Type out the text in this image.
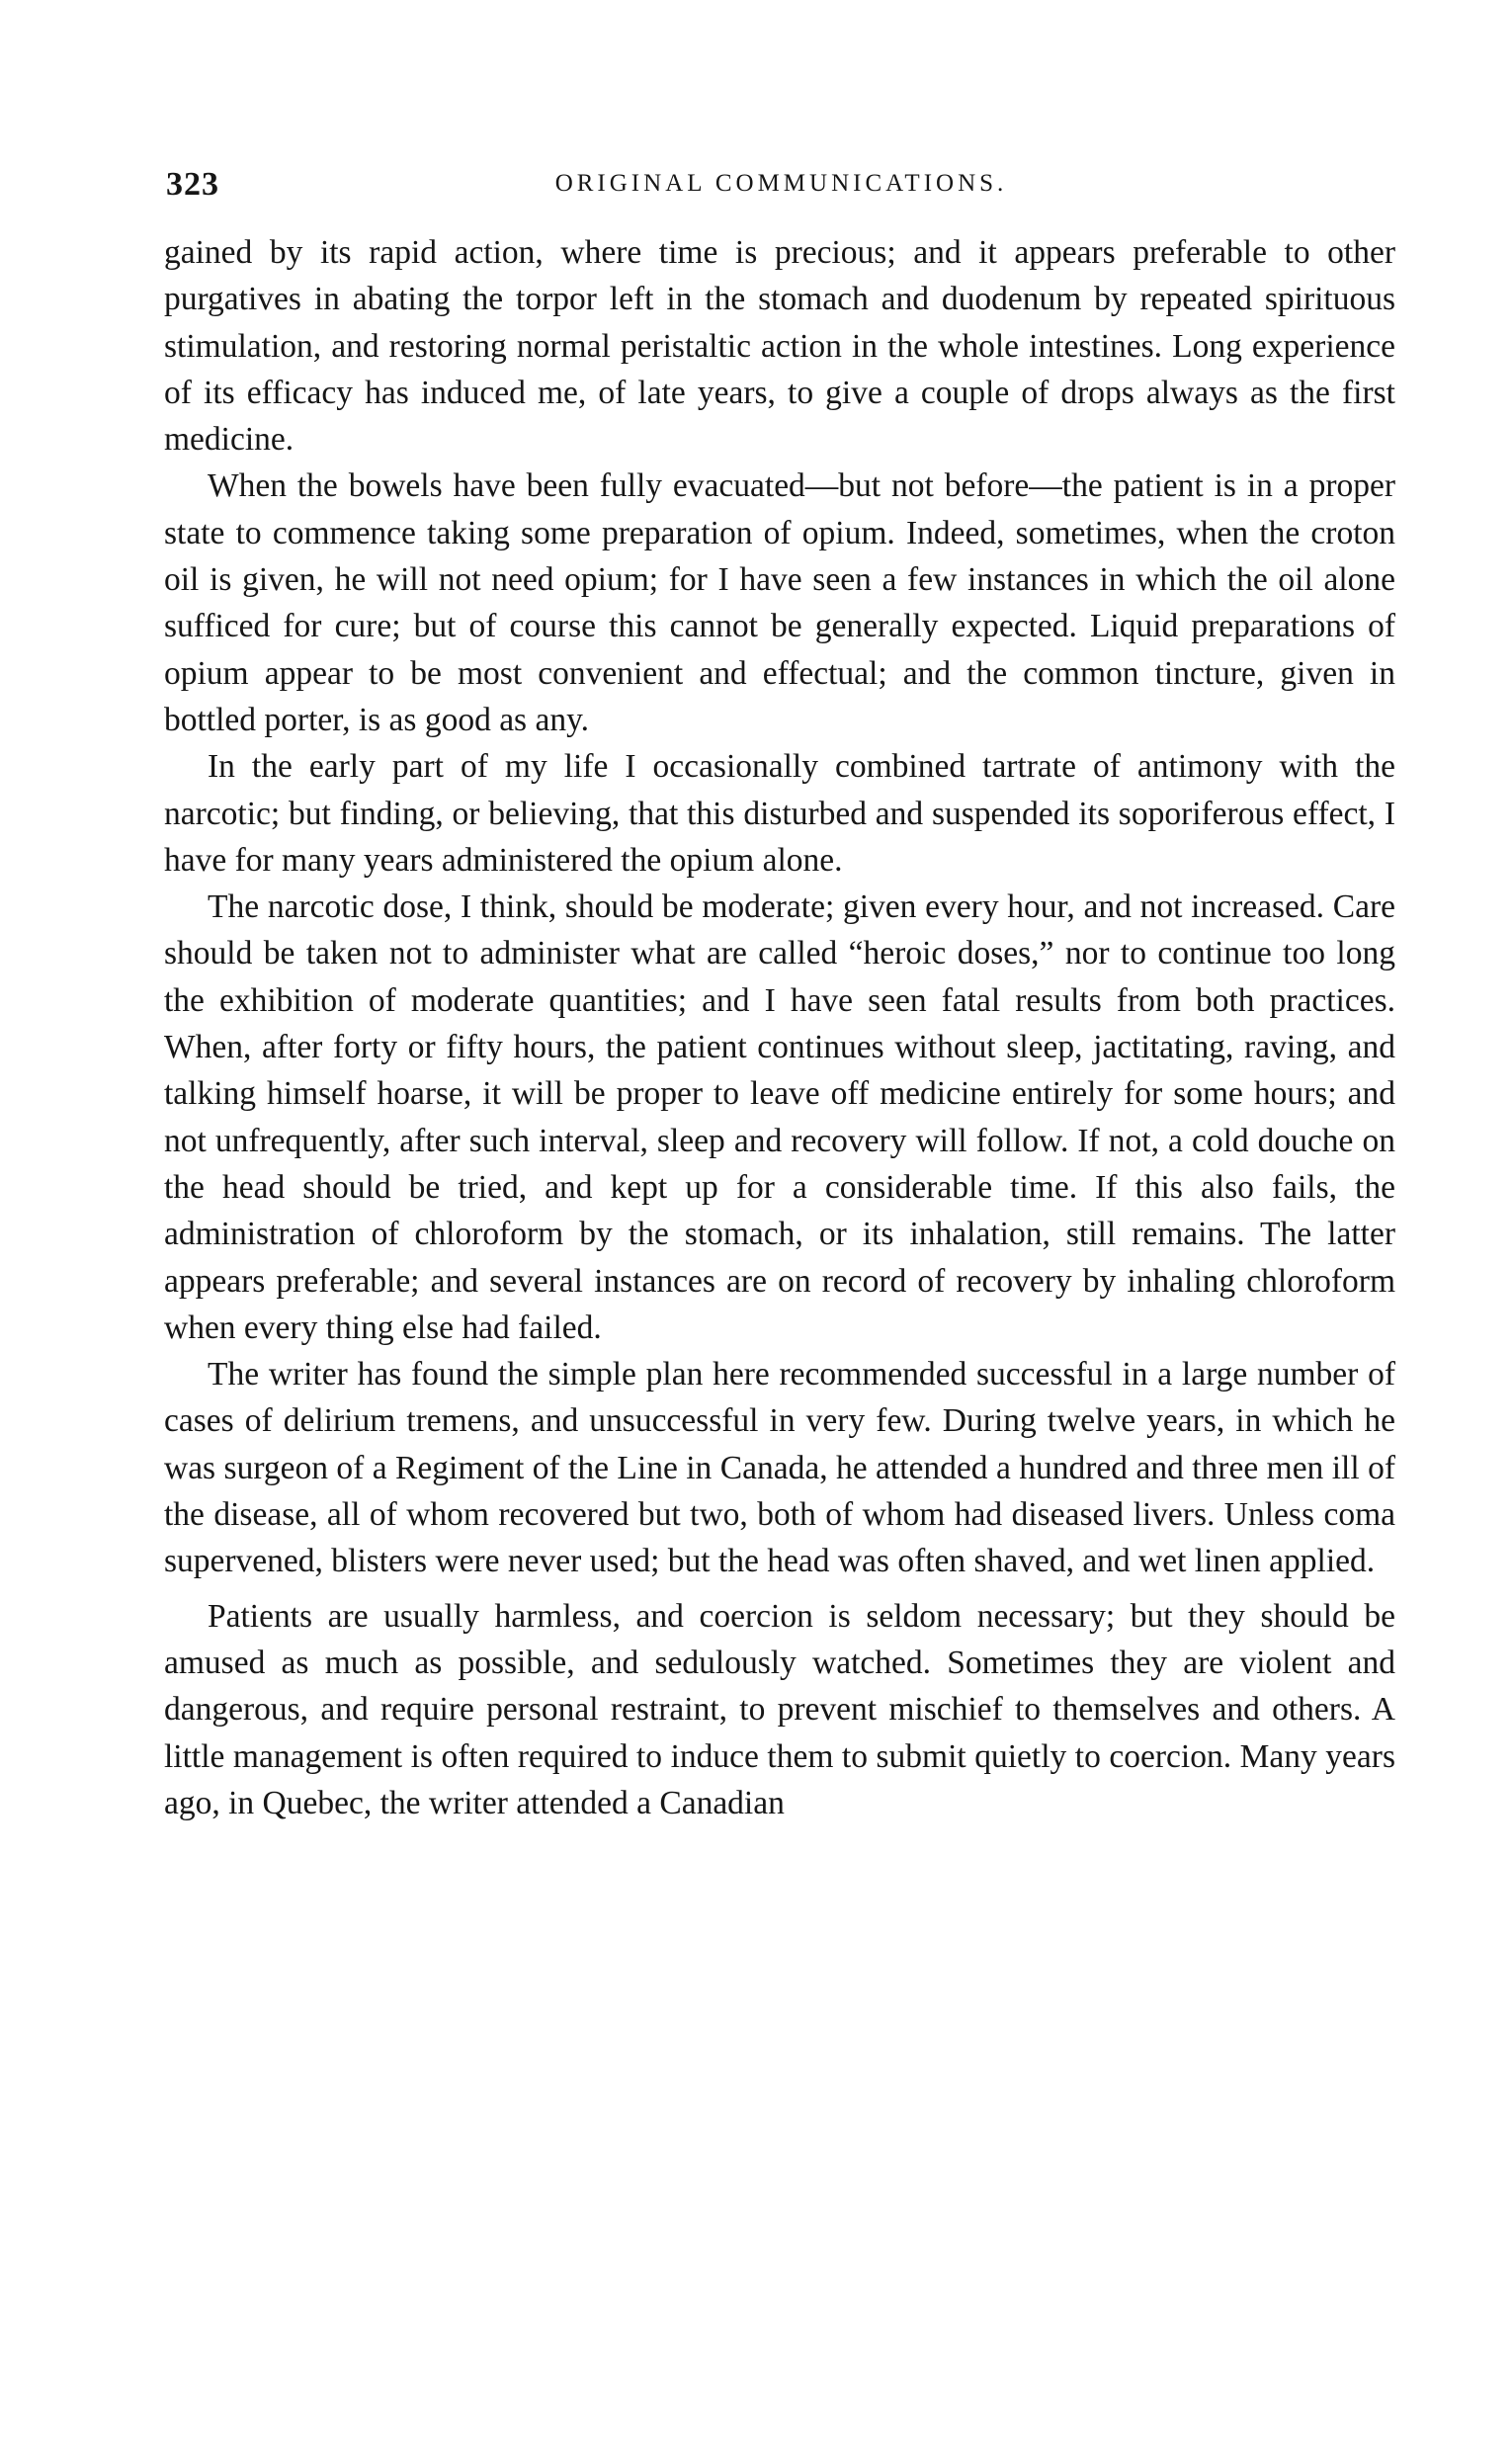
323	ORIGINAL COMMUNICATIONS.

gained by its rapid action, where time is precious; and it appears preferable to other purgatives in abating the torpor left in the stomach and duodenum by repeated spirituous stimulation, and restoring normal peristaltic action in the whole intestines. Long experience of its efficacy has induced me, of late years, to give a couple of drops always as the first medicine.

When the bowels have been fully evacuated—but not before—the patient is in a proper state to commence taking some preparation of opium. Indeed, sometimes, when the croton oil is given, he will not need opium; for I have seen a few instances in which the oil alone sufficed for cure; but of course this cannot be generally expected. Liquid preparations of opium appear to be most convenient and effectual; and the common tincture, given in bottled porter, is as good as any.

In the early part of my life I occasionally combined tartrate of antimony with the narcotic; but finding, or believing, that this disturbed and suspended its soporiferous effect, I have for many years administered the opium alone.

The narcotic dose, I think, should be moderate; given every hour, and not increased. Care should be taken not to administer what are called “heroic doses,” nor to continue too long the exhibition of moderate quantities; and I have seen fatal results from both practices. When, after forty or fifty hours, the patient continues without sleep, jactitating, raving, and talking himself hoarse, it will be proper to leave off medicine entirely for some hours; and not unfrequently, after such interval, sleep and recovery will follow. If not, a cold douche on the head should be tried, and kept up for a considerable time. If this also fails, the administration of chloroform by the stomach, or its inhalation, still remains. The latter appears preferable; and several instances are on record of recovery by inhaling chloroform when every thing else had failed.

The writer has found the simple plan here recommended successful in a large number of cases of delirium tremens, and unsuccessful in very few. During twelve years, in which he was surgeon of a Regiment of the Line in Canada, he attended a hundred and three men ill of the disease, all of whom recovered but two, both of whom had diseased livers. Unless coma supervened, blisters were never used; but the head was often shaved, and wet linen applied.

Patients are usually harmless, and coercion is seldom necessary; but they should be amused as much as possible, and sedulously watched. Sometimes they are violent and dangerous, and require personal restraint, to prevent mischief to themselves and others. A little management is often required to induce them to submit quietly to coercion. Many years ago, in Quebec, the writer attended a Canadian
